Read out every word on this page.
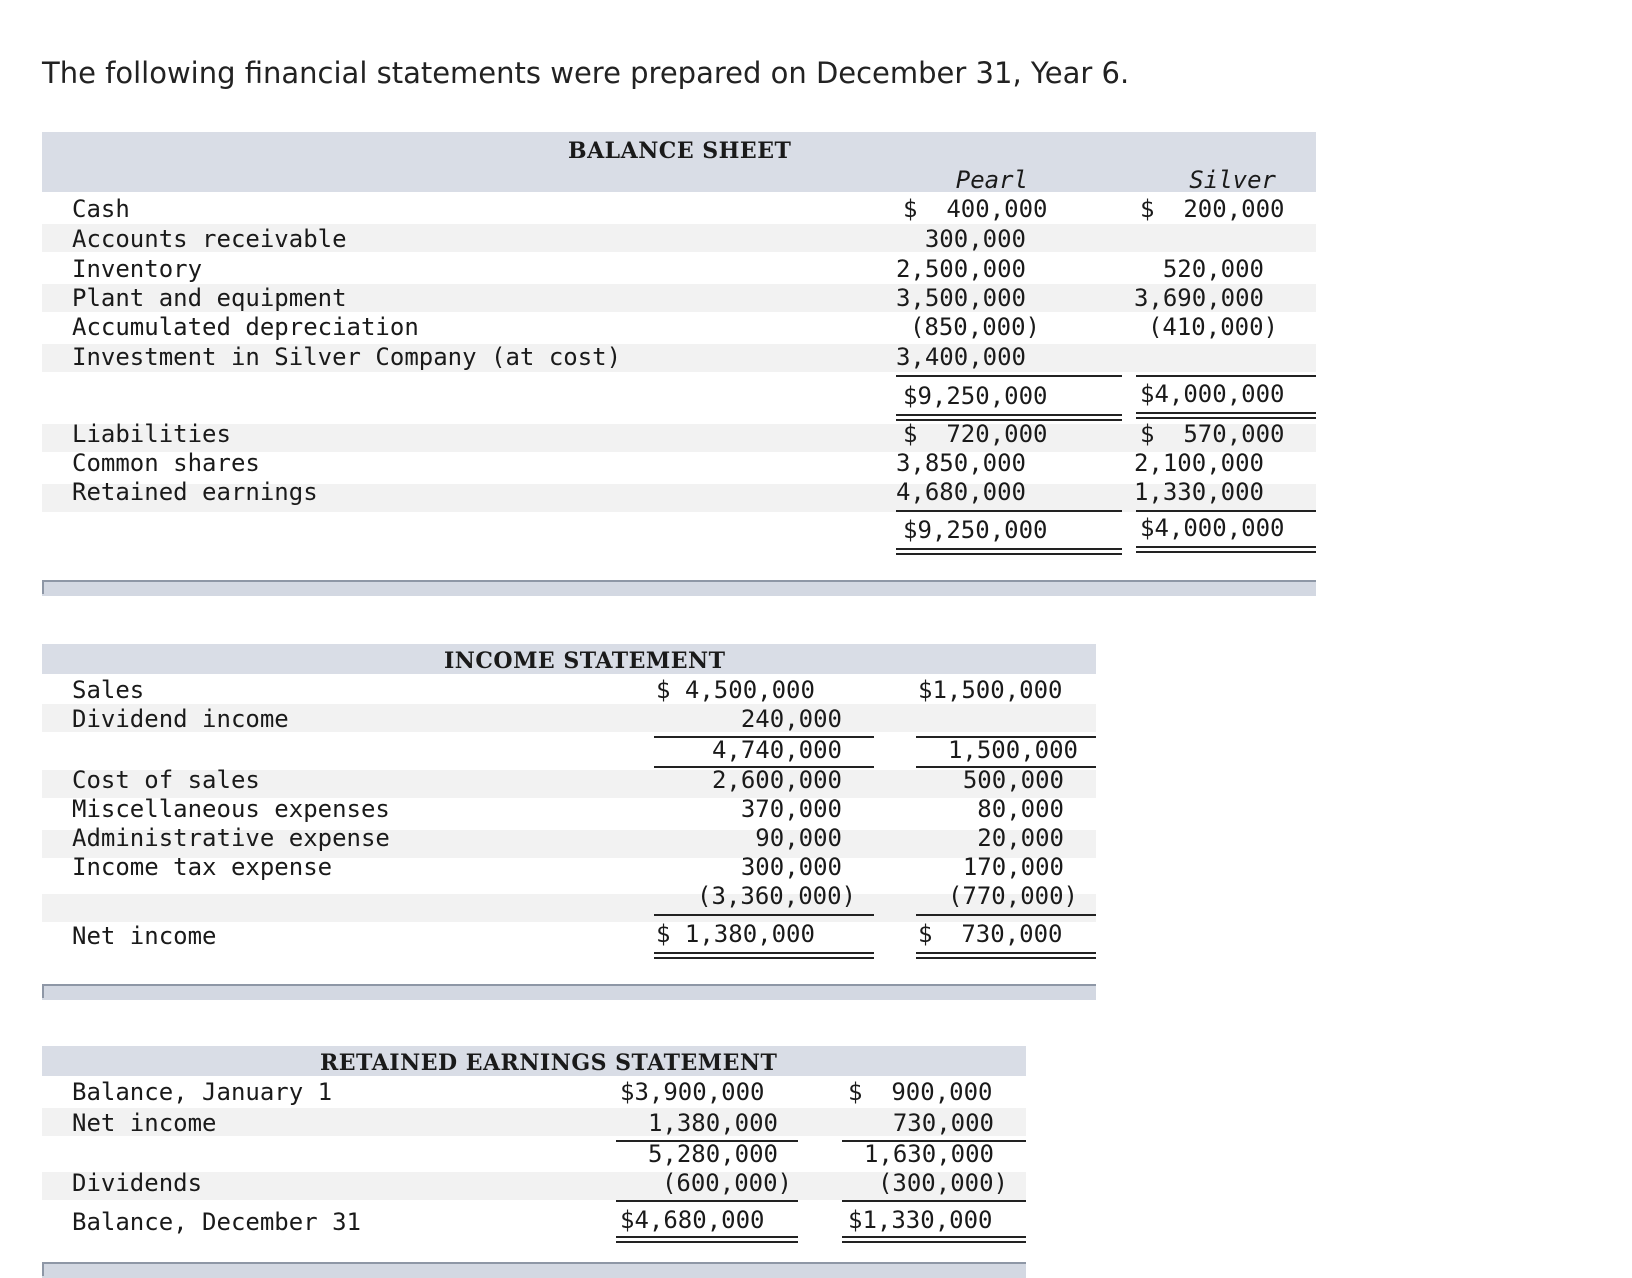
The following financial statements were prepared on December 31, Year 6.
BALANCE SHEET
Pearl	Silver
Cash	$  400,000	$  200,000
Accounts receivable	300,000
Inventory	2,500,000	520,000
Plant and equipment	3,500,000	3,690,000
Accumulated depreciation	(850,000)	(410,000)
Investment in Silver Company (at cost)	3,400,000
$9,250,000	$4,000,000
Liabilities	$  720,000	$  570,000
Common shares	3,850,000	2,100,000
Retained earnings	4,680,000	1,330,000
$9,250,000	$4,000,000
INCOME STATEMENT
Sales	$ 4,500,000	$1,500,000
Dividend income	240,000
4,740,000	1,500,000
Cost of sales	2,600,000	500,000
Miscellaneous expenses	370,000	80,000
Administrative expense	90,000	20,000
Income tax expense	300,000	170,000
(3,360,000)	(770,000)
Net income	$ 1,380,000	$  730,000
RETAINED EARNINGS STATEMENT
Balance, January 1	$3,900,000	$  900,000
Net income	1,380,000	730,000
5,280,000	1,630,000
Dividends	(600,000)	(300,000)
Balance, December 31	$4,680,000	$1,330,000
